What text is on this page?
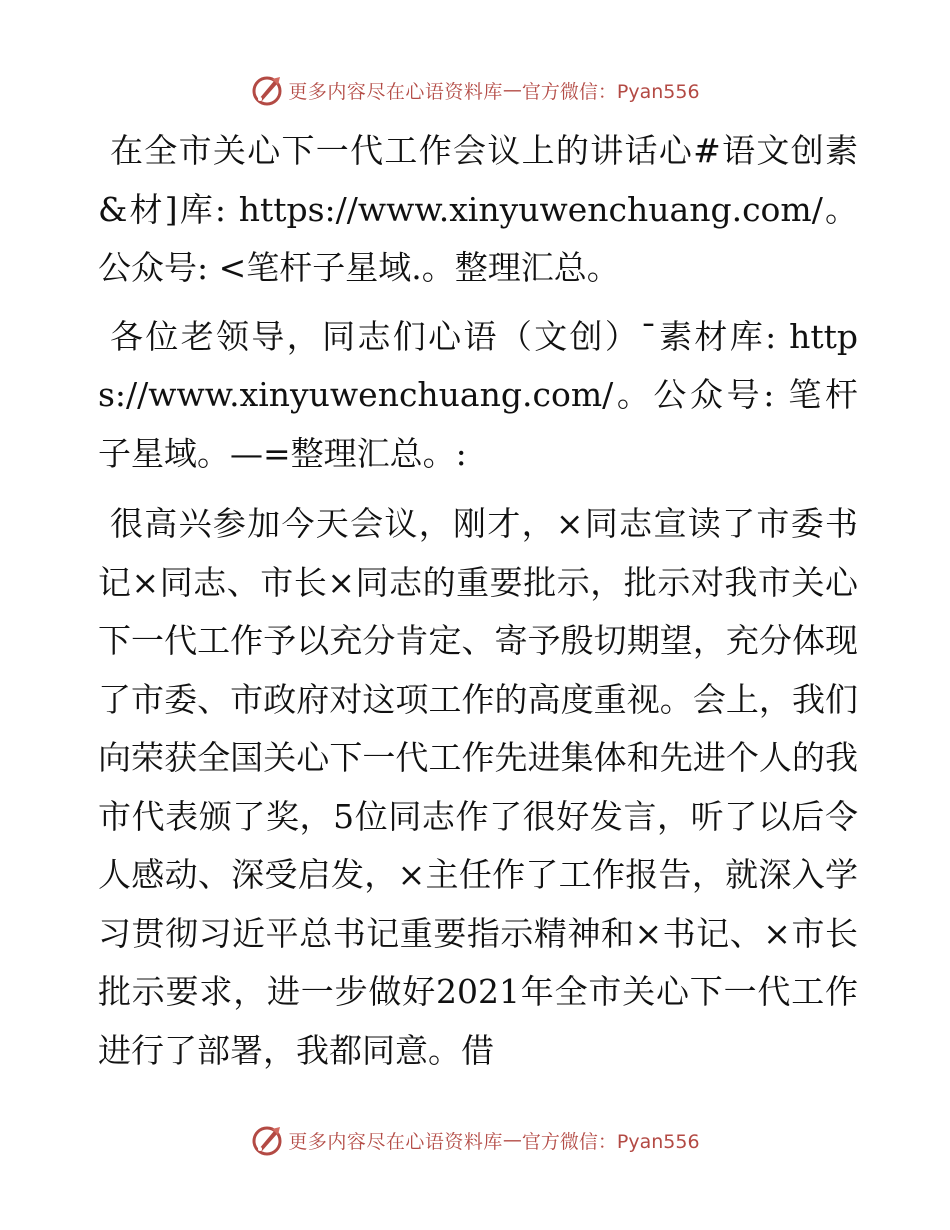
更多内容尽在心语资料库 — 官方微信：Pyan556

在全市关心下一代工作会议上的讲话心#语文创素&材]库: https://www.xinyuwenchuang.com/。公众号: <笔杆子星域.。整理汇总。

各位老领导，同志们心语（文创）¯素材库: https://www.xinyuwenchuang.com/。公众号: 笔杆子星域。—=整理汇总。:

很高兴参加今天会议，刚才，×同志宣读了市委书记×同志、市长×同志的重要批示，批示对我市关心下一代工作予以充分肯定、寄予殷切期望，充分体现了市委、市政府对这项工作的高度重视。会上，我们向荣获全国关心下一代工作先进集体和先进个人的我市代表颁了奖，5位同志作了很好发言，听了以后令人感动、深受启发，×主任作了工作报告，就深入学习贯彻习近平总书记重要指示精神和×书记、×市长批示要求，进一步做好2021年全市关心下一代工作进行了部署，我都同意。借

更多内容尽在心语资料库 — 官方微信：Pyan556
